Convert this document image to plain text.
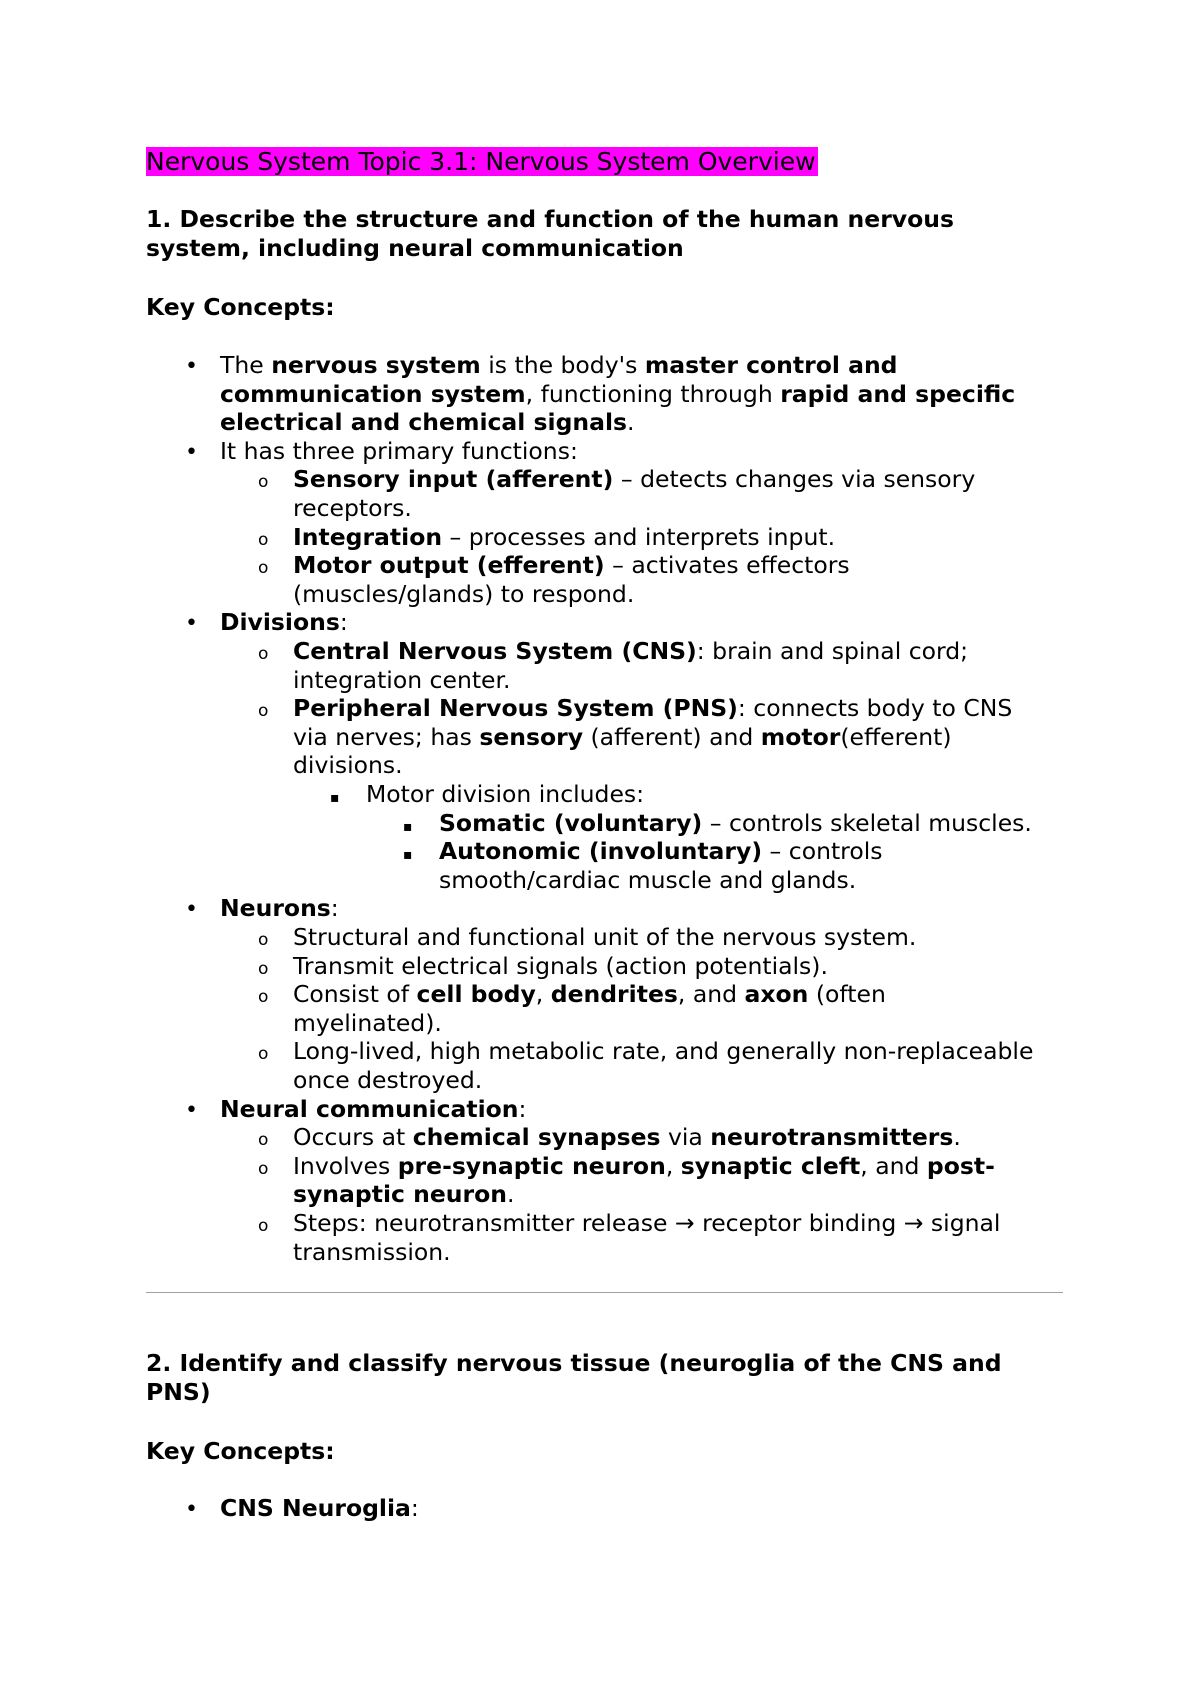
Nervous System Topic 3.1: Nervous System Overview
1. Describe the structure and function of the human nervous
system, including neural communication

Key Concepts:

•
The nervous system is the body's master control and
communication system, functioning through rapid and specific
electrical and chemical signals.
•
It has three primary functions:
o
Sensory input (afferent) – detects changes via sensory
receptors.
o
Integration – processes and interprets input.
o
Motor output (efferent) – activates effectors
(muscles/glands) to respond.
•
Divisions:
o
Central Nervous System (CNS): brain and spinal cord;
integration center.
o
Peripheral Nervous System (PNS): connects body to CNS
via nerves; has sensory (afferent) and motor(efferent)
divisions.
▪
Motor division includes:
▪
Somatic (voluntary) – controls skeletal muscles.
▪
Autonomic (involuntary) – controls
smooth/cardiac muscle and glands.
•
Neurons:
o
Structural and functional unit of the nervous system.
o
Transmit electrical signals (action potentials).
o
Consist of cell body, dendrites, and axon (often
myelinated).
o
Long-lived, high metabolic rate, and generally non-replaceable
once destroyed.
•
Neural communication:
o
Occurs at chemical synapses via neurotransmitters.
o
Involves pre-synaptic neuron, synaptic cleft, and post-
synaptic neuron.
o
Steps: neurotransmitter release → receptor binding → signal
transmission.
2. Identify and classify nervous tissue (neuroglia of the CNS and
PNS)

Key Concepts:

•
CNS Neuroglia:
